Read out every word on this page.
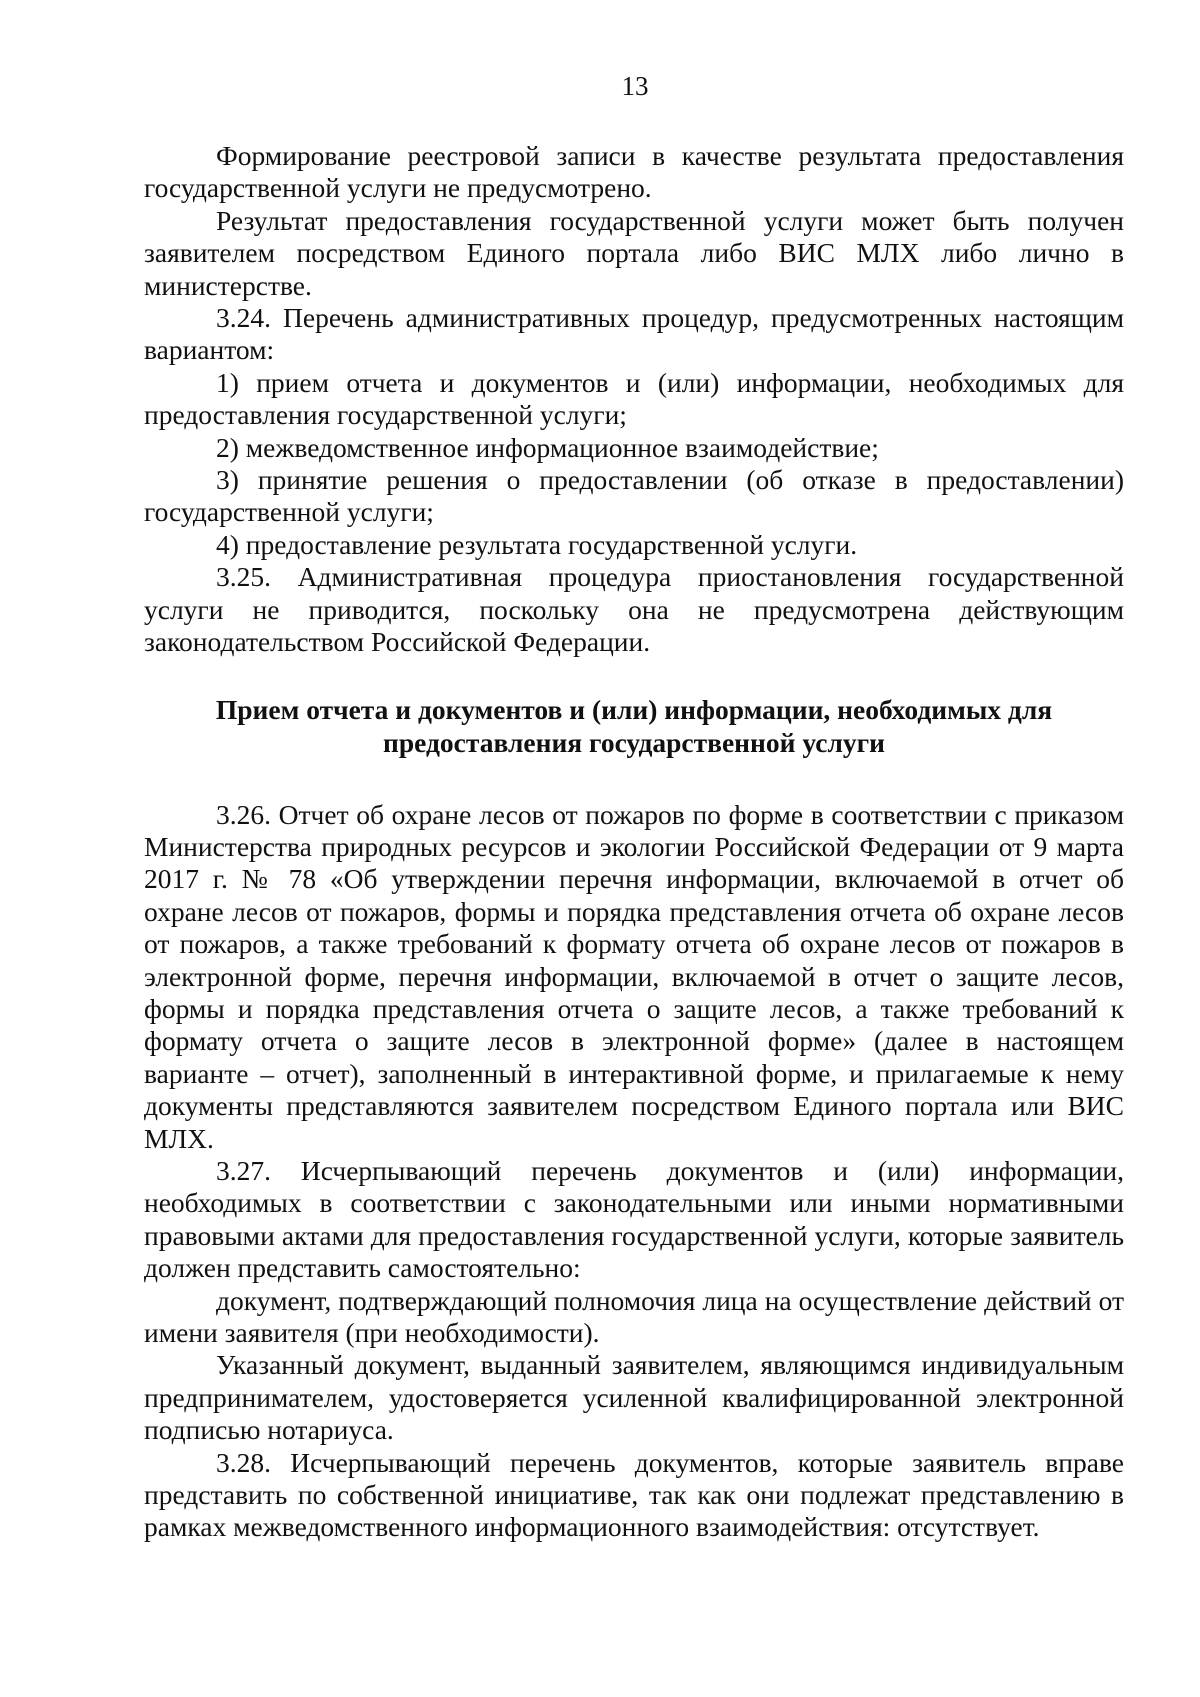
13

Формирование реестровой записи в качестве результата предоставления государственной услуги не предусмотрено.

Результат предоставления государственной услуги может быть получен заявителем посредством Единого портала либо ВИС МЛХ либо лично в министерстве.

3.24. Перечень административных процедур, предусмотренных настоящим вариантом:

1) прием отчета и документов и (или) информации, необходимых для предоставления государственной услуги;

2) межведомственное информационное взаимодействие;

3) принятие решения о предоставлении (об отказе в предоставлении) государственной услуги;

4) предоставление результата государственной услуги.

3.25. Административная процедура приостановления государственной услуги не приводится, поскольку она не предусмотрена действующим законодательством Российской Федерации.

Прием отчета и документов и (или) информации, необходимых для
предоставления государственной услуги

3.26. Отчет об охране лесов от пожаров по форме в соответствии с приказом Министерства природных ресурсов и экологии Российской Федерации от 9 марта 2017 г. № 78 «Об утверждении перечня информации, включаемой в отчет об охране лесов от пожаров, формы и порядка представления отчета об охране лесов от пожаров, а также требований к формату отчета об охране лесов от пожаров в электронной форме, перечня информации, включаемой в отчет о защите лесов, формы и порядка представления отчета о защите лесов, а также требований к формату отчета о защите лесов в электронной форме» (далее в настоящем варианте – отчет), заполненный в интерактивной форме, и прилагаемые к нему документы представляются заявителем посредством Единого портала или ВИС МЛХ.

3.27. Исчерпывающий перечень документов и (или) информации, необходимых в соответствии с законодательными или иными нормативными правовыми актами для предоставления государственной услуги, которые заявитель должен представить самостоятельно:

документ, подтверждающий полномочия лица на осуществление действий от имени заявителя (при необходимости).

Указанный документ, выданный заявителем, являющимся индивидуальным предпринимателем, удостоверяется усиленной квалифицированной электронной подписью нотариуса.

3.28. Исчерпывающий перечень документов, которые заявитель вправе представить по собственной инициативе, так как они подлежат представлению в рамках межведомственного информационного взаимодействия: отсутствует.
